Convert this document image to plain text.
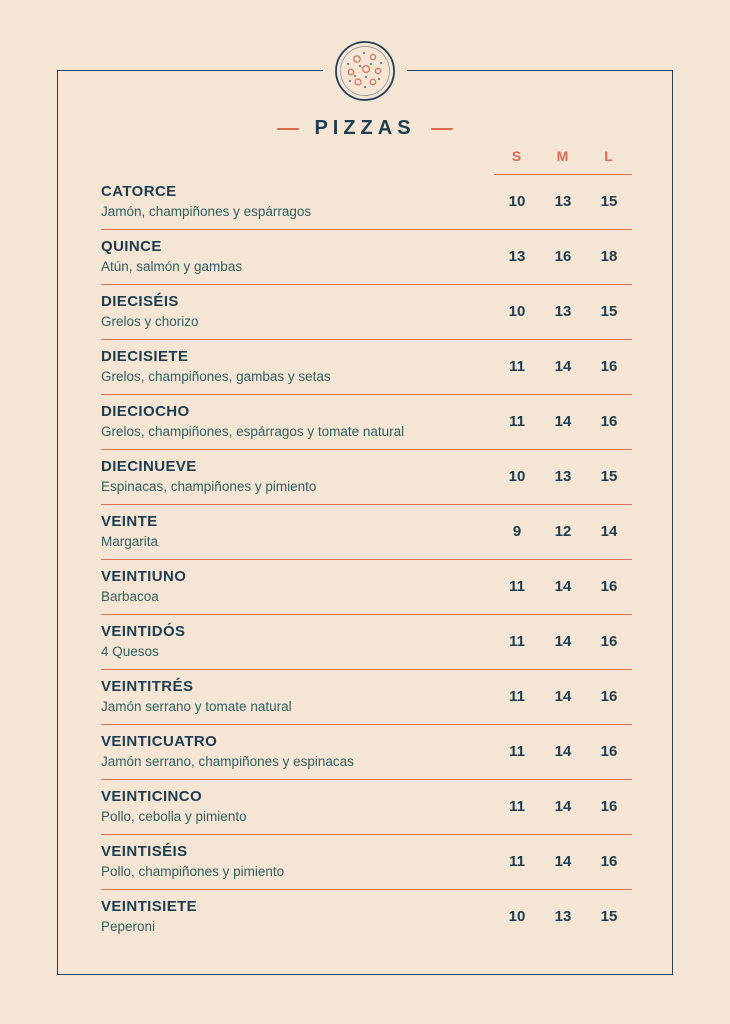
PIZZAS
S	M	L
CATORCE
Jamón, champiñones y espárragos
10	13	15
QUINCE
Atún, salmón y gambas
13	16	18
DIECISÉIS
Grelos y chorizo
10	13	15
DIECISIETE
Grelos, champiñones, gambas y setas
11	14	16
DIECIOCHO
Grelos, champiñones, espárragos y tomate natural
11	14	16
DIECINUEVE
Espinacas, champiñones y pimiento
10	13	15
VEINTE
Margarita
9	12	14
VEINTIUNO
Barbacoa
11	14	16
VEINTIDÓS
4 Quesos
11	14	16
VEINTITRÉS
Jamón serrano y tomate natural
11	14	16
VEINTICUATRO
Jamón serrano, champiñones y espinacas
11	14	16
VEINTICINCO
Pollo, cebolla y pimiento
11	14	16
VEINTISÉIS
Pollo, champiñones y pimiento
11	14	16
VEINTISIETE
Peperoni
10	13	15
